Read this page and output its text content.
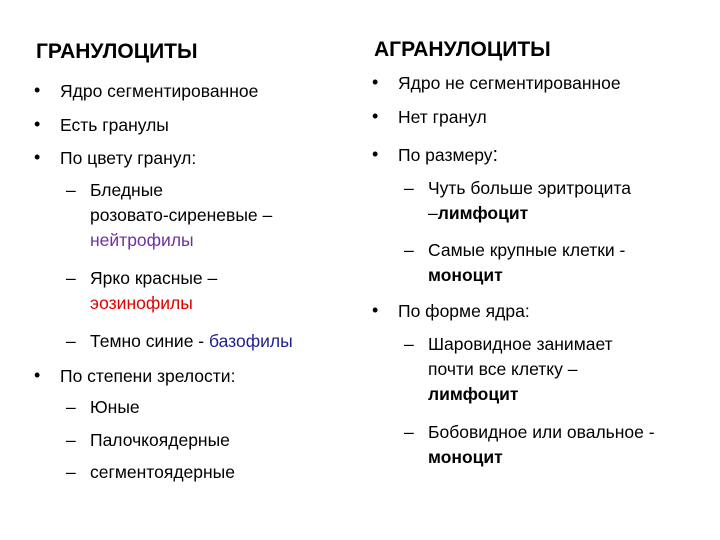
ГРАНУЛОЦИТЫ
• Ядро сегментированное
• Есть гранулы
• По цвету гранул:
– Бледные
розовато-сиреневые –
нейтрофилы
– Ярко красные –
эозинофилы
– Темно синие - базофилы
• По степени зрелости:
– Юные
– Палочкоядерные
– сегментоядерные
АГРАНУЛОЦИТЫ
• Ядро не сегментированное
• Нет гранул
• По размеру:
– Чуть больше эритроцита
–лимфоцит
– Самые крупные клетки -
моноцит
• По форме ядра:
– Шаровидное занимает
почти все клетку –
лимфоцит
– Бобовидное или овальное -
моноцит
